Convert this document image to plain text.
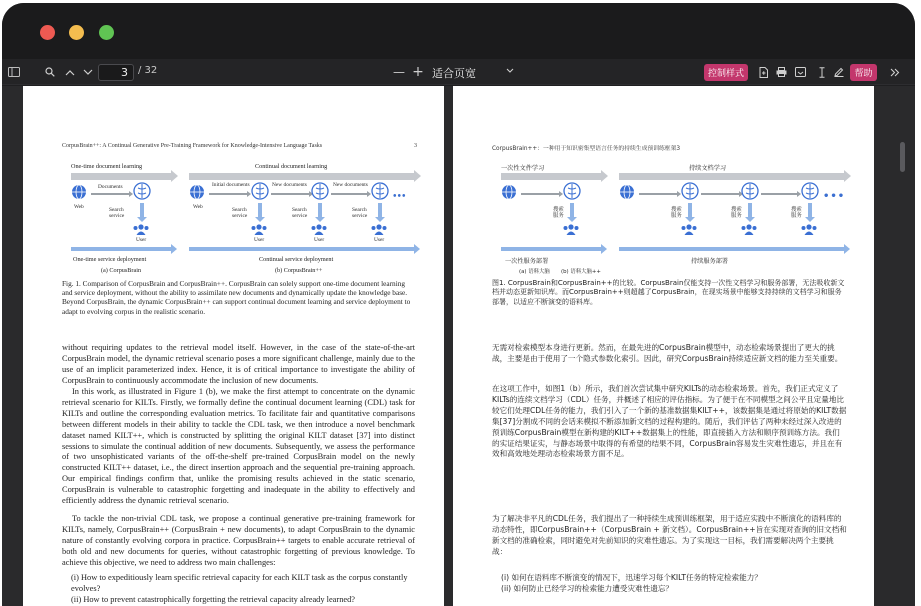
3
/ 32	— + 适合页宽	控制样式	帮助
CorpusBrain++: A Continual Generative Pre-Training Framework for Knowledge-Intensive Language Tasks	3
One-time document learning	Continual document learning
Web
Documents
Search
service
User
Web
Initial documents	New documents	New documents
•••
Search
service
Search
service
Search
service
User	User	User
One-time service deployment	Continual service deployment
(a) CorpusBrain	(b) CorpusBrain++
Fig. 1. Comparison of CorpusBrain and CorpusBrain++. CorpusBrain can solely support one-time document learning and service deployment, without the ability to assimilate new documents and dynamically update the knowledge base. Beyond CorpusBrain, the dynamic CorpusBrain++ can support continual document learning and service deployment to adapt to evolving corpus in the realistic scenario.
without requiring updates to the retrieval model itself. However, in the case of the state-of-the-art CorpusBrain model, the dynamic retrieval scenario poses a more significant challenge, mainly due to the use of an implicit parameterized index. Hence, it is of critical importance to investigate the ability of CorpusBrain to continuously accommodate the inclusion of new documents.
In this work, as illustrated in Figure 1 (b), we make the first attempt to concentrate on the dynamic retrieval scenario for KILTs. Firstly, we formally define the continual document learning (CDL) task for KILTs and outline the corresponding evaluation metrics. To facilitate fair and quantitative comparisons between different models in their ability to tackle the CDL task, we then introduce a novel benchmark dataset named KILT++, which is constructed by splitting the original KILT dataset [37] into distinct sessions to simulate the continual addition of new documents. Subsequently, we assess the performance of two unsophisticated variants of the off-the-shelf pre-trained CorpusBrain model on the newly constructed KILT++ dataset, i.e., the direct insertion approach and the sequential pre-training approach. Our empirical findings confirm that, unlike the promising results achieved in the static scenario, CorpusBrain is vulnerable to catastrophic forgetting and inadequate in the ability to effectively and efficiently address the dynamic retrieval scenario.
To tackle the non-trivial CDL task, we propose a continual generative pre-training framework for KILTs, namely, CorpusBrain++ (CorpusBrain + new documents), to adapt CorpusBrain to the dynamic nature of constantly evolving corpora in practice. CorpusBrain++ targets to enable accurate retrieval of both old and new documents for queries, without catastrophic forgetting of previous knowledge. To achieve this objective, we need to address two main challenges:
(i) How to expeditiously learn specific retrieval capacity for each KILT task as the corpus constantly evolves?
(ii) How to prevent catastrophically forgetting the retrieval capacity already learned?
CorpusBrain++：一种用于知识密集型语言任务的持续生成预训练框架3
一次性文件学习	持续文档学习
搜索
服务
•••
搜索
服务
搜索
服务
搜索
服务
一次性服务部署	持续服务部署
(a) 语料大脑 (b) 语料大脑++
图1. CorpusBrain和CorpusBrain++的比较。CorpusBrain仅能支持一次性文档学习和服务部署，无法吸收新文档并动态更新知识库。而CorpusBrain++则超越了CorpusBrain，在现实场景中能够支持持续的文档学习和服务部署，以适应不断演变的语料库。
无需对检索模型本身进行更新。然而，在最先进的CorpusBrain模型中，动态检索场景提出了更大的挑战，主要是由于使用了一个隐式参数化索引。因此，研究CorpusBrain持续适应新文档的能力至关重要。
在这项工作中，如图1（b）所示，我们首次尝试集中研究KILTs的动态检索场景。首先，我们正式定义了KILTs的连续文档学习（CDL）任务，并概述了相应的评估指标。为了便于在不同模型之间公平且定量地比较它们处理CDL任务的能力，我们引入了一个新的基准数据集KILT++，该数据集是通过将原始的KILT数据集[37]分割成不同的会话来模拟不断添加新文档的过程构建的。随后，我们评估了两种未经过深入改进的预训练CorpusBrain模型在新构建的KILT++数据集上的性能，即直接插入方法和顺序预训练方法。我们的实证结果证实，与静态场景中取得的有希望的结果不同，CorpusBrain容易发生灾难性遗忘，并且在有效和高效地处理动态检索场景方面不足。
为了解决非平凡的CDL任务，我们提出了一种持续生成预训练框架，用于适应实践中不断演化的语料库的动态特性，即CorpusBrain++（CorpusBrain + 新文档）。CorpusBrain++旨在实现对查询的旧文档和新文档的准确检索，同时避免对先前知识的灾难性遗忘。为了实现这一目标，我们需要解决两个主要挑战：
(i) 如何在语料库不断演变的情况下，迅速学习每个KILT任务的特定检索能力？
(ii) 如何防止已经学习的检索能力遭受灾难性遗忘？
